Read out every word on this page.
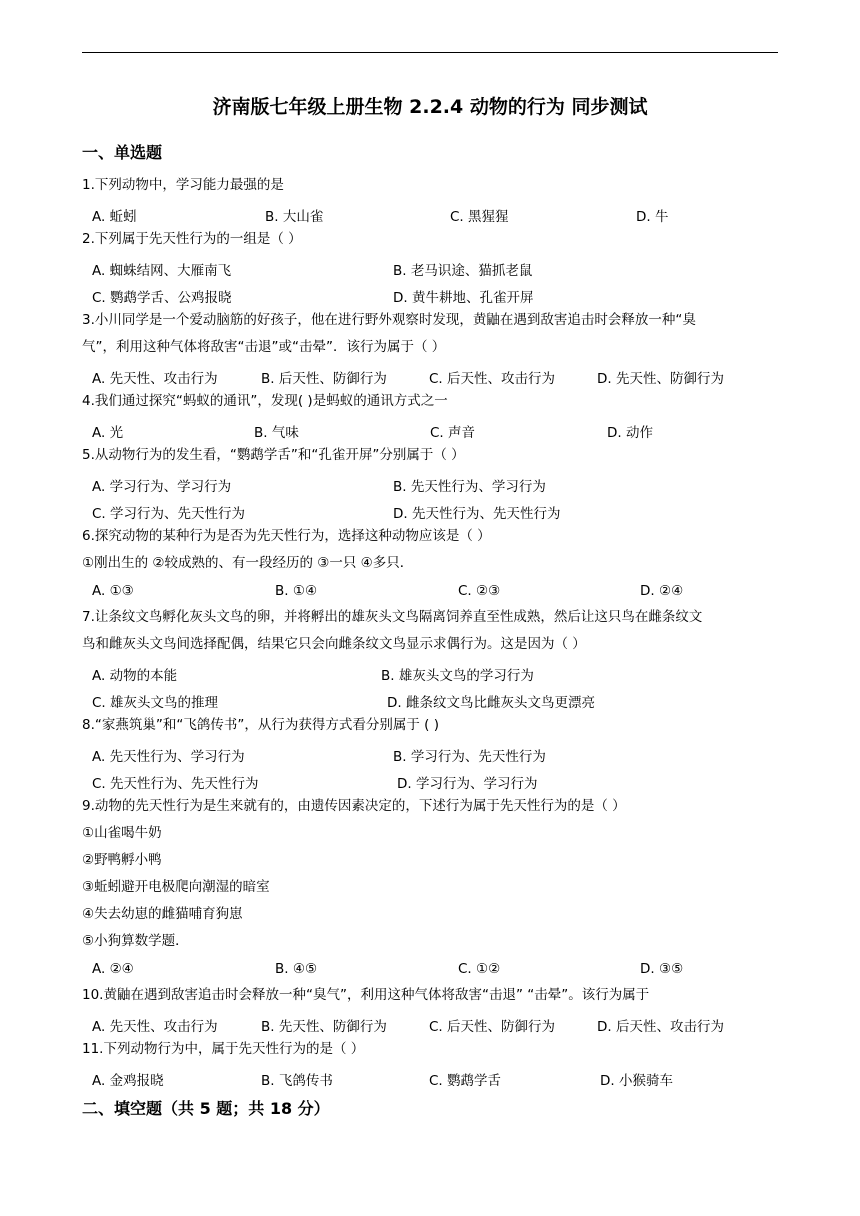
济南版七年级上册生物 2.2.4 动物的行为 同步测试
一、单选题
1.下列动物中，学习能力最强的是
A. 蚯蚓	B. 大山雀	C. 黑猩猩	D. 牛
2.下列属于先天性行为的一组是（ ）
A. 蜘蛛结网、大雁南飞	B. 老马识途、猫抓老鼠
C. 鹦鹉学舌、公鸡报晓	D. 黄牛耕地、孔雀开屏
3.小川同学是一个爱动脑筋的好孩子，他在进行野外观察时发现，黄鼬在遇到敌害追击时会释放一种“臭
气”，利用这种气体将敌害“击退”或“击晕”．该行为属于（ ）
A. 先天性、攻击行为	B. 后天性、防御行为	C. 后天性、攻击行为	D. 先天性、防御行为
4.我们通过探究“蚂蚁的通讯”，发现( )是蚂蚁的通讯方式之一
A. 光	B. 气味	C. 声音	D. 动作
5.从动物行为的发生看，“鹦鹉学舌”和“孔雀开屏”分别属于（ ）
A. 学习行为、学习行为	B. 先天性行为、学习行为
C. 学习行为、先天性行为	D. 先天性行为、先天性行为
6.探究动物的某种行为是否为先天性行为，选择这种动物应该是（ ）
①刚出生的 ②较成熟的、有一段经历的 ③一只 ④多只．
A. ①③	B. ①④	C. ②③	D. ②④
7.让条纹文鸟孵化灰头文鸟的卵，并将孵出的雄灰头文鸟隔离饲养直至性成熟，然后让这只鸟在雌条纹文
鸟和雌灰头文鸟间选择配偶，结果它只会向雌条纹文鸟显示求偶行为。这是因为（ ）
A. 动物的本能	B. 雄灰头文鸟的学习行为
C. 雄灰头文鸟的推理	D. 雌条纹文鸟比雌灰头文鸟更漂亮
8.“家燕筑巢”和“飞鸽传书”，从行为获得方式看分别属于 ( )
A. 先天性行为、学习行为	B. 学习行为、先天性行为
C. 先天性行为、先天性行为	D. 学习行为、学习行为
9.动物的先天性行为是生来就有的，由遗传因素决定的，下述行为属于先天性行为的是（ ）
①山雀喝牛奶
②野鸭孵小鸭
③蚯蚓避开电极爬向潮湿的暗室
④失去幼崽的雌猫哺育狗崽
⑤小狗算数学题．
A. ②④	B. ④⑤	C. ①②	D. ③⑤
10.黄鼬在遇到敌害追击时会释放一种“臭气”，利用这种气体将敌害“击退” “击晕”。该行为属于
A. 先天性、攻击行为	B. 先天性、防御行为	C. 后天性、防御行为	D. 后天性、攻击行为
11.下列动物行为中，属于先天性行为的是（ ）
A. 金鸡报晓	B. 飞鸽传书	C. 鹦鹉学舌	D. 小猴骑车
二、填空题（共 5 题；共 18 分）
